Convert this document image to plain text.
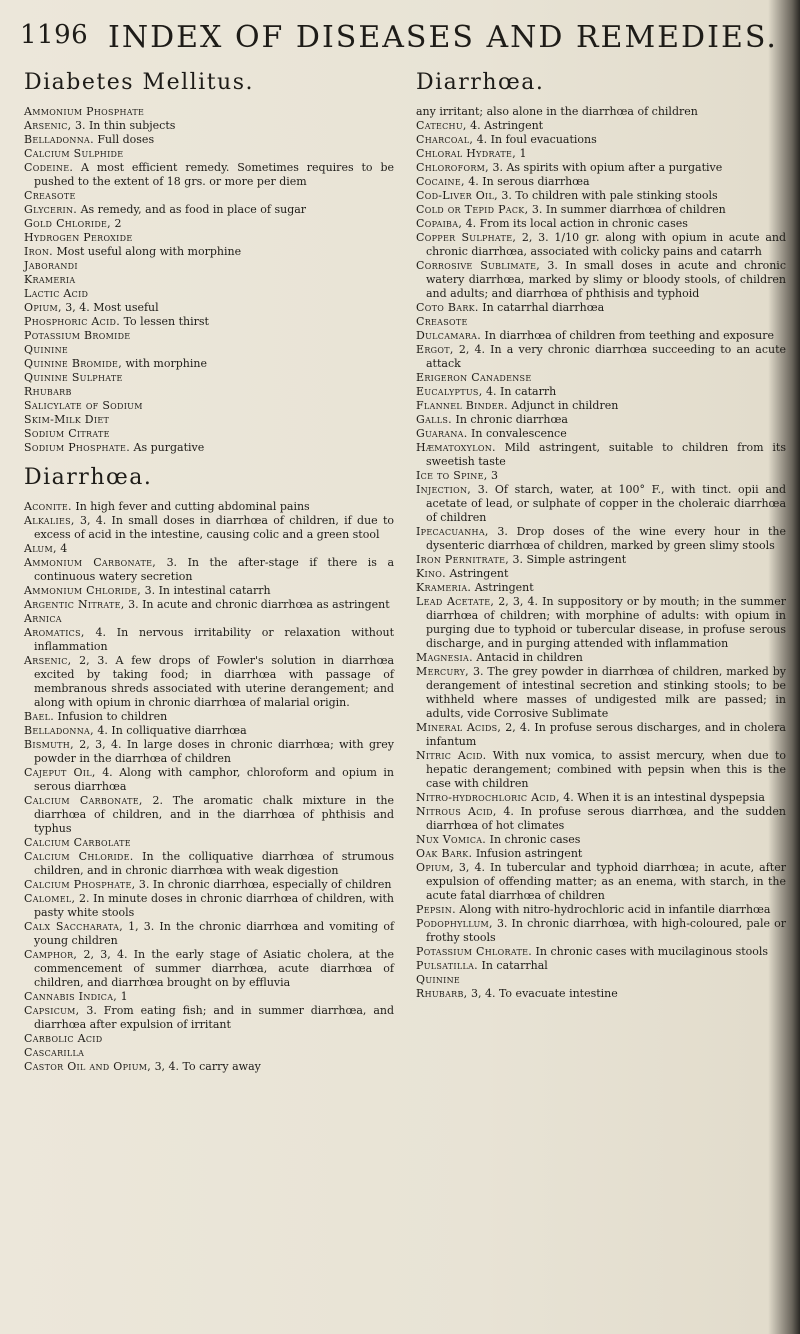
1196 INDEX OF DISEASES AND REMEDIES.
Diabetes Mellitus.

Ammonium Phosphate

Arsenic, 3. In thin subjects

Belladonna. Full doses

Calcium Sulphide

Codeine. A most efficient remedy. Sometimes requires to be pushed to the extent of 18 grs. or more per diem

Creasote

Glycerin. As remedy, and as food in place of sugar

Gold Chloride, 2

Hydrogen Peroxide

Iron. Most useful along with morphine

Jaborandi

Krameria

Lactic Acid

Opium, 3, 4. Most useful

Phosphoric Acid. To lessen thirst

Potassium Bromide

Quinine

Quinine Bromide, with morphine

Quinine Sulphate

Rhubarb

Salicylate of Sodium

Skim-Milk Diet

Sodium Citrate

Sodium Phosphate. As purgative

Diarrhœa.

Aconite. In high fever and cutting abdominal pains

Alkalies, 3, 4. In small doses in diarrhœa of children, if due to excess of acid in the intestine, causing colic and a green stool

Alum, 4

Ammonium Carbonate, 3. In the after-stage if there is a continuous watery secretion

Ammonium Chloride, 3. In intestinal catarrh

Argentic Nitrate, 3. In acute and chronic diarrhœa as astringent

Arnica

Aromatics, 4. In nervous irritability or relaxation without inflammation

Arsenic, 2, 3. A few drops of Fowler's solution in diarrhœa excited by taking food; in diarrhœa with passage of membranous shreds associated with uterine derangement; and along with opium in chronic diarrhœa of malarial origin.

Bael. Infusion to children

Belladonna, 4. In colliquative diarrhœa

Bismuth, 2, 3, 4. In large doses in chronic diarrhœa; with grey powder in the diarrhœa of children

Cajeput Oil, 4. Along with camphor, chloroform and opium in serous diarrhœa

Calcium Carbonate, 2. The aromatic chalk mixture in the diarrhœa of children, and in the diarrhœa of phthisis and typhus

Calcium Carbolate

Calcium Chloride. In the colliquative diarrhœa of strumous children, and in chronic diarrhœa with weak digestion

Calcium Phosphate, 3. In chronic diarrhœa, especially of children

Calomel, 2. In minute doses in chronic diarrhœa of children, with pasty white stools

Calx Saccharata, 1, 3. In the chronic diarrhœa and vomiting of young children

Camphor, 2, 3, 4. In the early stage of Asiatic cholera, at the commencement of summer diarrhœa, acute diarrhœa of children, and diarrhœa brought on by effluvia

Cannabis Indica, 1

Capsicum, 3. From eating fish; and in summer diarrhœa, and diarrhœa after expulsion of irritant

Carbolic Acid

Cascarilla

Castor Oil and Opium, 3, 4. To carry away

Diarrhœa.

any irritant; also alone in the diarrhœa of children

Catechu, 4. Astringent

Charcoal, 4. In foul evacuations

Chloral Hydrate, 1

Chloroform, 3. As spirits with opium after a purgative

Cocaine, 4. In serous diarrhœa

Cod-Liver Oil, 3. To children with pale stinking stools

Cold or Tepid Pack, 3. In summer diarrhœa of children

Copaiba, 4. From its local action in chronic cases

Copper Sulphate, 2, 3. 1/10 gr. along with opium in acute and chronic diarrhœa, associated with colicky pains and catarrh

Corrosive Sublimate, 3. In small doses in acute and chronic watery diarrhœa, marked by slimy or bloody stools, of children and adults; and diarrhœa of phthisis and typhoid

Coto Bark. In catarrhal diarrhœa

Creasote

Dulcamara. In diarrhœa of children from teething and exposure

Ergot, 2, 4. In a very chronic diarrhœa succeeding to an acute attack

Erigeron Canadense

Eucalyptus, 4. In catarrh

Flannel Binder. Adjunct in children

Galls. In chronic diarrhœa

Guarana. In convalescence

Hæmatoxylon. Mild astringent, suitable to children from its sweetish taste

Ice to Spine, 3

Injection, 3. Of starch, water, at 100° F., with tinct. opii and acetate of lead, or sulphate of copper in the choleraic diarrhœa of children

Ipecacuanha, 3. Drop doses of the wine every hour in the dysenteric diarrhœa of children, marked by green slimy stools

Iron Pernitrate, 3. Simple astringent

Kino. Astringent

Krameria. Astringent

Lead Acetate, 2, 3, 4. In suppository or by mouth; in the summer diarrhœa of children; with morphine of adults: with opium in purging due to typhoid or tubercular disease, in profuse serous discharge, and in purging attended with inflammation

Magnesia. Antacid in children

Mercury, 3. The grey powder in diarrhœa of children, marked by derangement of intestinal secretion and stinking stools; to be withheld where masses of undigested milk are passed; in adults, vide Corrosive Sublimate

Mineral Acids, 2, 4. In profuse serous discharges, and in cholera infantum

Nitric Acid. With nux vomica, to assist mercury, when due to hepatic derangement; combined with pepsin when this is the case with children

Nitro-hydrochloric Acid, 4. When it is an intestinal dyspepsia

Nitrous Acid, 4. In profuse serous diarrhœa, and the sudden diarrhœa of hot climates

Nux Vomica. In chronic cases

Oak Bark. Infusion astringent

Opium, 3, 4. In tubercular and typhoid diarrhœa; in acute, after expulsion of offending matter; as an enema, with starch, in the acute fatal diarrhœa of children

Pepsin. Along with nitro-hydrochloric acid in infantile diarrhœa

Podophyllum, 3. In chronic diarrhœa, with high-coloured, pale or frothy stools

Potassium Chlorate. In chronic cases with mucilaginous stools

Pulsatilla. In catarrhal

Quinine

Rhubarb, 3, 4. To evacuate intestine
